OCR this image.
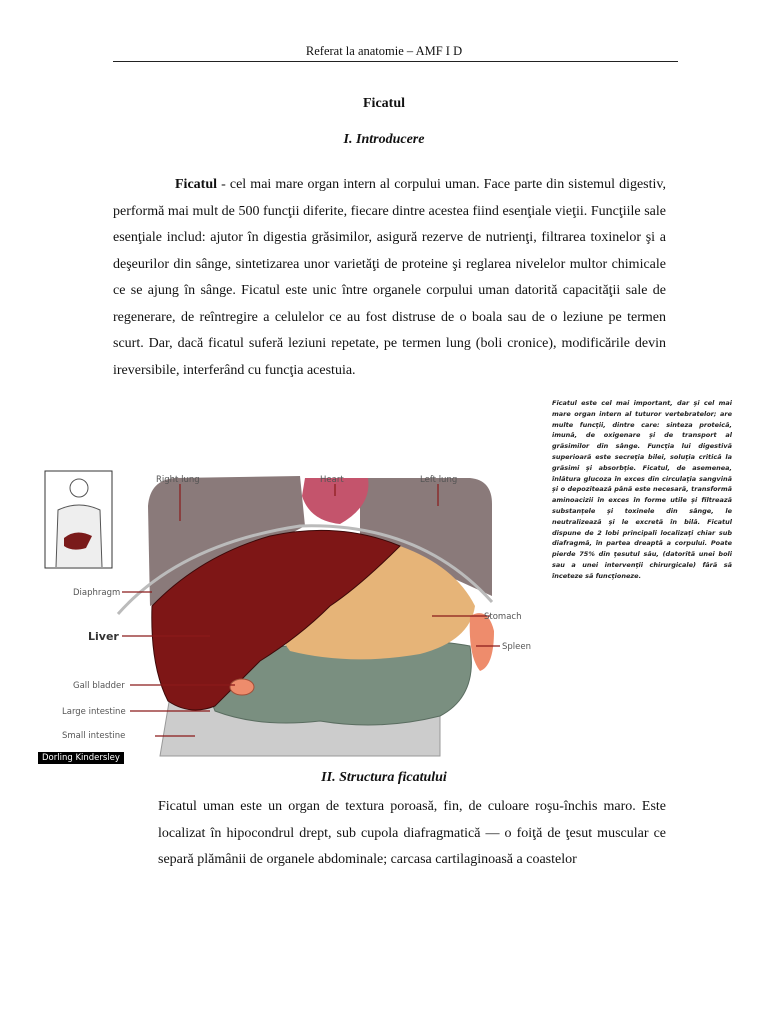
Referat la anatomie – AMF I D
Ficatul
I. Introducere
Ficatul - cel mai mare organ intern al corpului uman. Face parte din sistemul digestiv, performă mai mult de 500 funcţii diferite, fiecare dintre acestea fiind esenţiale vieţii. Funcţiile sale esenţiale includ: ajutor în digestia grăsimilor, asigură rezerve de nutrienţi, filtrarea toxinelor şi a deşeurilor din sânge, sintetizarea unor varietăţi de proteine şi reglarea nivelelor multor chimicale ce se ajung în sânge. Ficatul este unic între organele corpului uman datorită capacităţii sale de regenerare, de reîntregire a celulelor ce au fost distruse de o boala sau de o leziune pe termen scurt. Dar, dacă ficatul suferă leziuni repetate, pe termen lung (boli cronice), modificările devin ireversibile, interferând cu funcţia acestuia.
Ficatul este cel mai important, dar şi cel mai mare organ intern al tuturor vertebratelor; are multe funcţii, dintre care: sinteza proteică, imună, de oxigenare şi de transport al grăsimilor din sânge. Funcţia lui digestivă superioară este secreţia bilei, soluţia critică la grăsimi şi absorbţie. Ficatul, de asemenea, înlătura glucoza în exces din circulaţia sangvină şi o depozitează până este necesară, transformă aminoacizii în exces în forme utile şi filtrează substanţele şi toxinele din sânge, le neutralizează şi le excretă în bilă. Ficatul dispune de 2 lobi principali localizaţi chiar sub diafragmă, în partea dreaptă a corpului. Poate pierde 75% din ţesutul său, (datorită unei boli sau a unei intervenţii chirurgicale) fără să înceteze să funcţioneze.
Right lung	Heart	Left lung
Diaphragm
Gall bladder
Large intestine
Small intestine
Stomach
Spleen
Liver
Dorling Kindersley
II. Structura ficatului
Ficatul uman este un organ de textura poroasă, fin, de culoare roşu-închis maro. Este localizat în hipocondrul drept, sub cupola diafragmatică — o foiţă de ţesut muscular ce separă plămânii de organele abdominale; carcasa cartilaginoasă a coastelor
